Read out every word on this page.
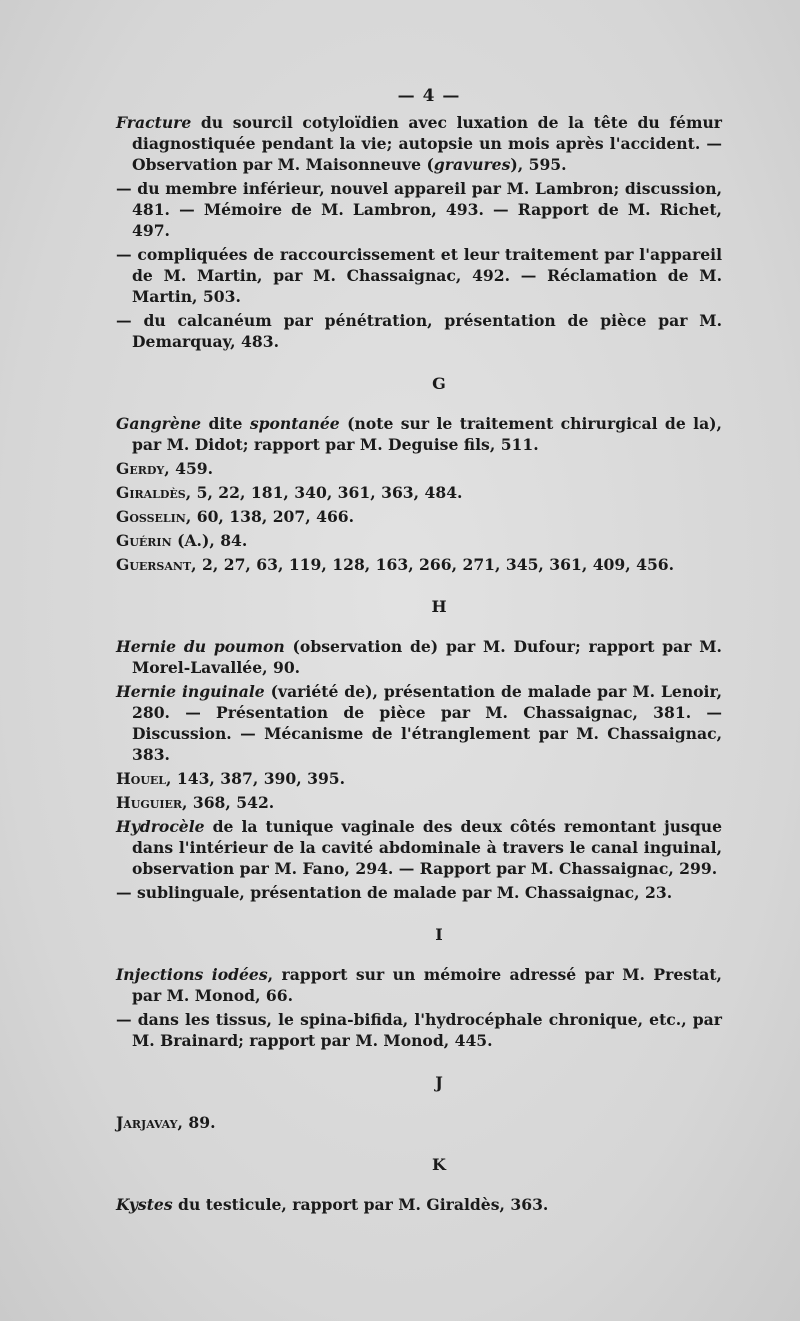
— 4 —

Fracture du sourcil cotyloïdien avec luxation de la tête du fémur diagnostiquée pendant la vie; autopsie un mois après l'accident. — Observation par M. Maisonneuve (gravures), 595.

— du membre inférieur, nouvel appareil par M. Lambron; discussion, 481. — Mémoire de M. Lambron, 493. — Rapport de M. Richet, 497.

— compliquées de raccourcissement et leur traitement par l'appareil de M. Martin, par M. Chassaignac, 492. — Réclamation de M. Martin, 503.

— du calcanéum par pénétration, présentation de pièce par M. Demarquay, 483.

G

Gangrène dite spontanée (note sur le traitement chirurgical de la), par M. Didot; rapport par M. Deguise fils, 511.

Gerdy, 459.

Giraldès, 5, 22, 181, 340, 361, 363, 484.

Gosselin, 60, 138, 207, 466.

Guérin (A.), 84.

Guersant, 2, 27, 63, 119, 128, 163, 266, 271, 345, 361, 409, 456.

H

Hernie du poumon (observation de) par M. Dufour; rapport par M. Morel-Lavallée, 90.

Hernie inguinale (variété de), présentation de malade par M. Lenoir, 280. — Présentation de pièce par M. Chassaignac, 381. — Discussion. — Mécanisme de l'étranglement par M. Chassaignac, 383.

Houel, 143, 387, 390, 395.

Huguier, 368, 542.

Hydrocèle de la tunique vaginale des deux côtés remontant jusque dans l'intérieur de la cavité abdominale à travers le canal inguinal, observation par M. Fano, 294. — Rapport par M. Chassaignac, 299.

— sublinguale, présentation de malade par M. Chassaignac, 23.

I

Injections iodées, rapport sur un mémoire adressé par M. Prestat, par M. Monod, 66.

— dans les tissus, le spina-bifida, l'hydrocéphale chronique, etc., par M. Brainard; rapport par M. Monod, 445.

J

Jarjavay, 89.

K

Kystes du testicule, rapport par M. Giraldès, 363.
